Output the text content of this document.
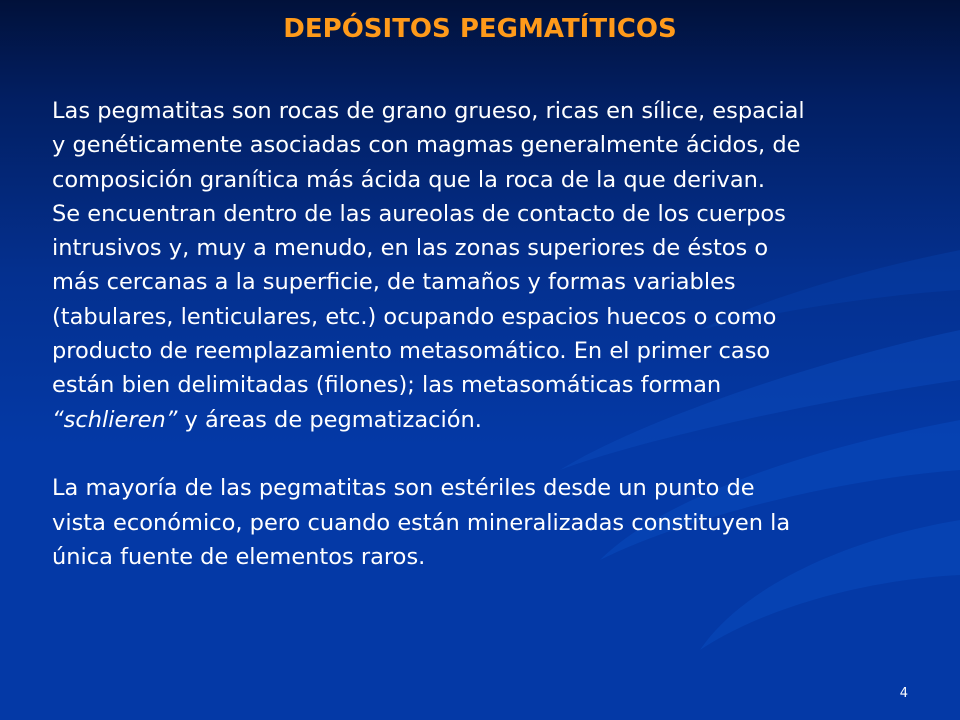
DEPÓSITOS PEGMATÍTICOS
Las pegmatitas son rocas de grano grueso, ricas en sílice, espacial
y genéticamente asociadas con magmas generalmente ácidos, de
composición granítica más ácida que la roca de la que derivan.
Se encuentran dentro de las aureolas de contacto de los cuerpos
intrusivos y, muy a menudo, en las zonas superiores de éstos o
más cercanas a la superficie, de tamaños y formas variables
(tabulares, lenticulares, etc.) ocupando espacios huecos o como
producto de reemplazamiento metasomático. En el primer caso
están bien delimitadas (filones); las metasomáticas forman
“schlieren” y áreas de pegmatización.
La mayoría de las pegmatitas son estériles desde un punto de
vista económico, pero cuando están mineralizadas constituyen la
única fuente de elementos raros.
4
